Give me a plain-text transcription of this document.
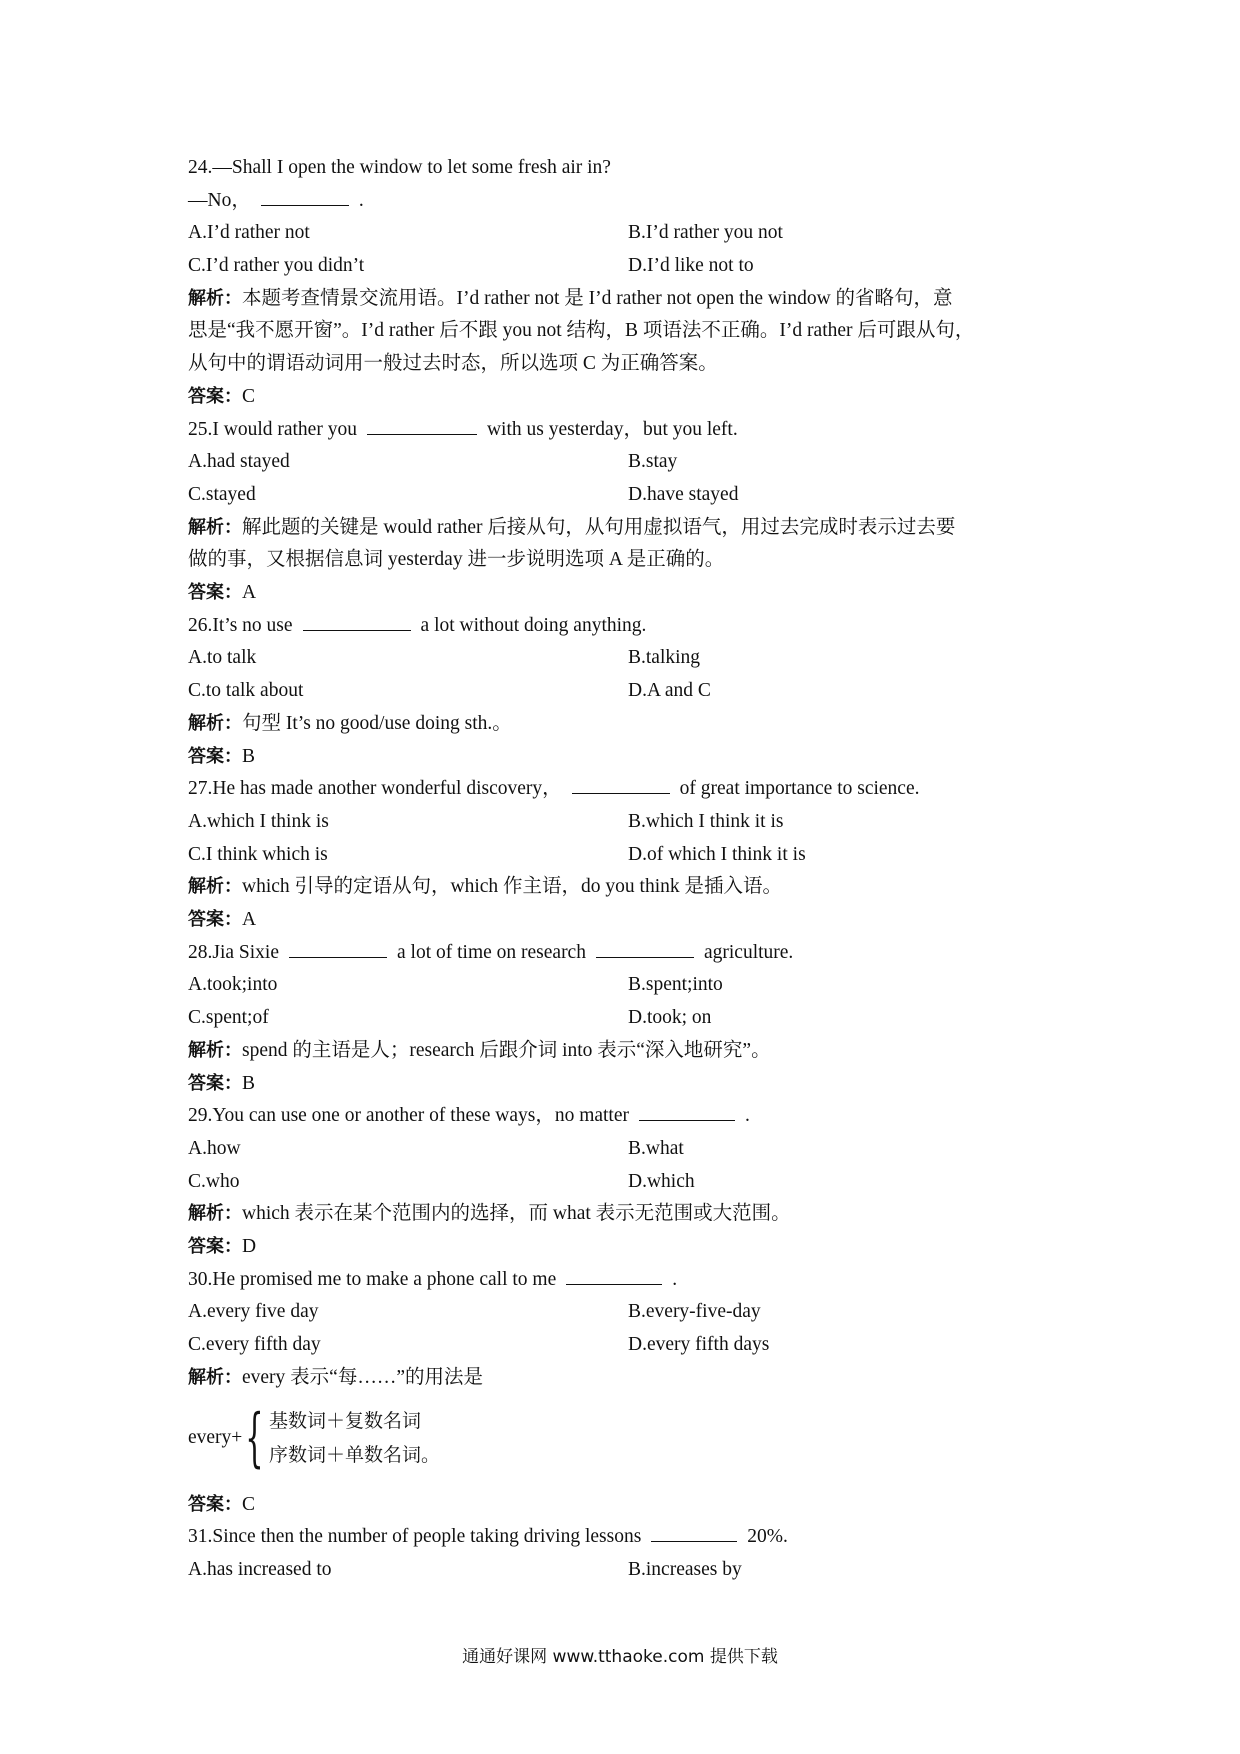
24.—Shall I open the window to let some fresh air in?
—No，	.
A.I’d rather not	B.I’d rather you not
C.I’d rather you didn’t	D.I’d like not to
解析：本题考查情景交流用语。I’d rather not 是 I’d rather not open the window 的省略句，意
思是“我不愿开窗”。I’d rather 后不跟 you not 结构，B 项语法不正确。I’d rather 后可跟从句，
从句中的谓语动词用一般过去时态，所以选项 C 为正确答案。
答案：C
25.I would rather you	with us yesterday，but you left.
A.had stayed	B.stay
C.stayed	D.have stayed
解析：解此题的关键是 would rather 后接从句，从句用虚拟语气，用过去完成时表示过去要
做的事，又根据信息词 yesterday 进一步说明选项 A 是正确的。
答案：A
26.It’s no use	a lot without doing anything.
A.to talk	B.talking
C.to talk about	D.A and C
解析：句型 It’s no good/use doing sth.。
答案：B
27.He has made another wonderful discovery，	of great importance to science.
A.which I think is	B.which I think it is
C.I think which is	D.of which I think it is
解析：which 引导的定语从句，which 作主语，do you think 是插入语。
答案：A
28.Jia Sixie	a lot of time on research	agriculture.
A.took;into	B.spent;into
C.spent;of	D.took; on
解析：spend 的主语是人；research 后跟介词 into 表示“深入地研究”。
答案：B
29.You can use one or another of these ways，no matter	.
A.how	B.what
C.who	D.which
解析：which 表示在某个范围内的选择，而 what 表示无范围或大范围。
答案：D
30.He promised me to make a phone call to me	.
A.every five day	B.every-five-day
C.every fifth day	D.every fifth days
解析：every 表示“每……”的用法是
every+ { 基数词＋复数名词
序数词＋单数名词。
答案：C
31.Since then the number of people taking driving lessons	20%.
A.has increased to	B.increases by
通通好课网 www.tthaoke.com 提供下载
